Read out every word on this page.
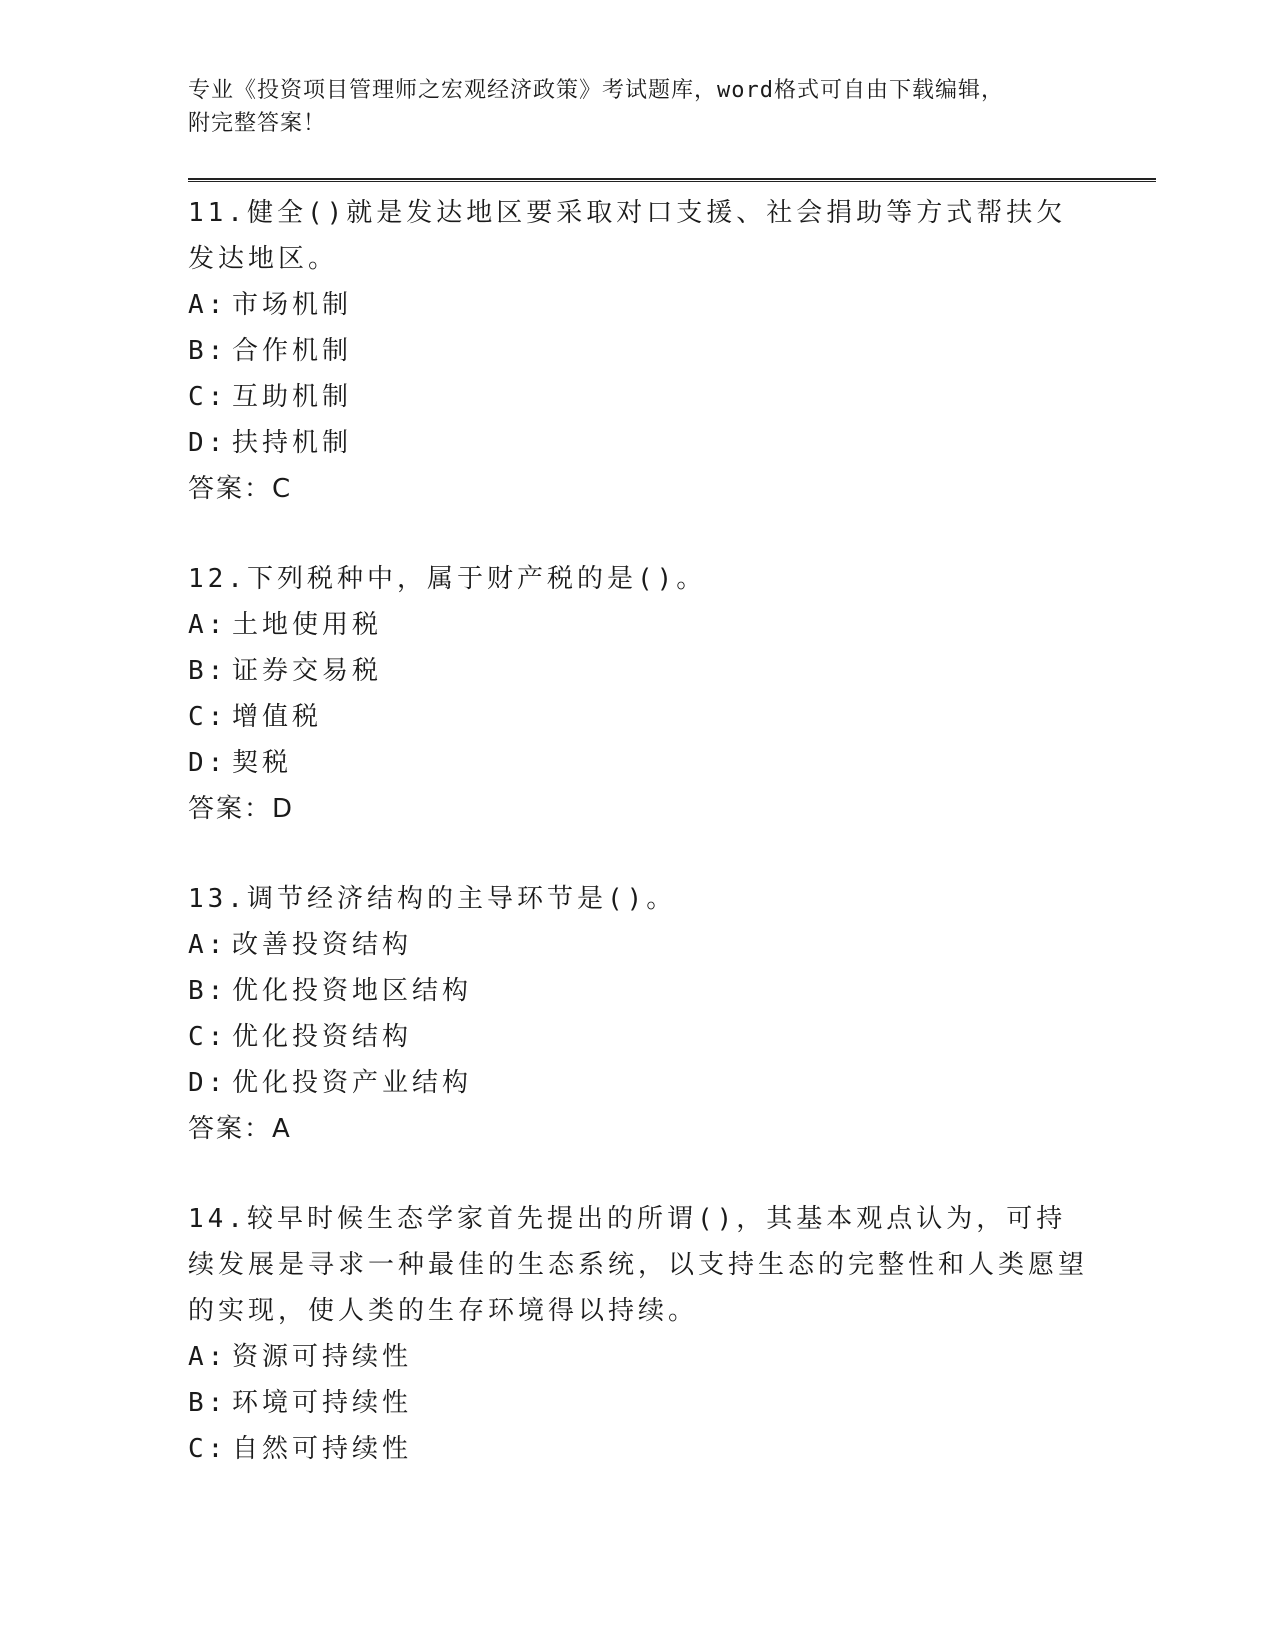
专业《投资项目管理师之宏观经济政策》考试题库，word格式可自由下载编辑，
附完整答案！

11.健全()就是发达地区要采取对口支援、社会捐助等方式帮扶欠发达地区。

A: 市场机制
B: 合作机制
C: 互助机制
D: 扶持机制

答案：C

12.下列税种中，属于财产税的是()。

A: 土地使用税
B: 证券交易税
C: 增值税
D: 契税

答案：D

13.调节经济结构的主导环节是()。

A: 改善投资结构
B: 优化投资地区结构
C: 优化投资结构
D: 优化投资产业结构

答案：A

14.较早时候生态学家首先提出的所谓()，其基本观点认为，可持续发展是寻求一种最佳的生态系统，以支持生态的完整性和人类愿望的实现，使人类的生存环境得以持续。

A: 资源可持续性
B: 环境可持续性
C: 自然可持续性
